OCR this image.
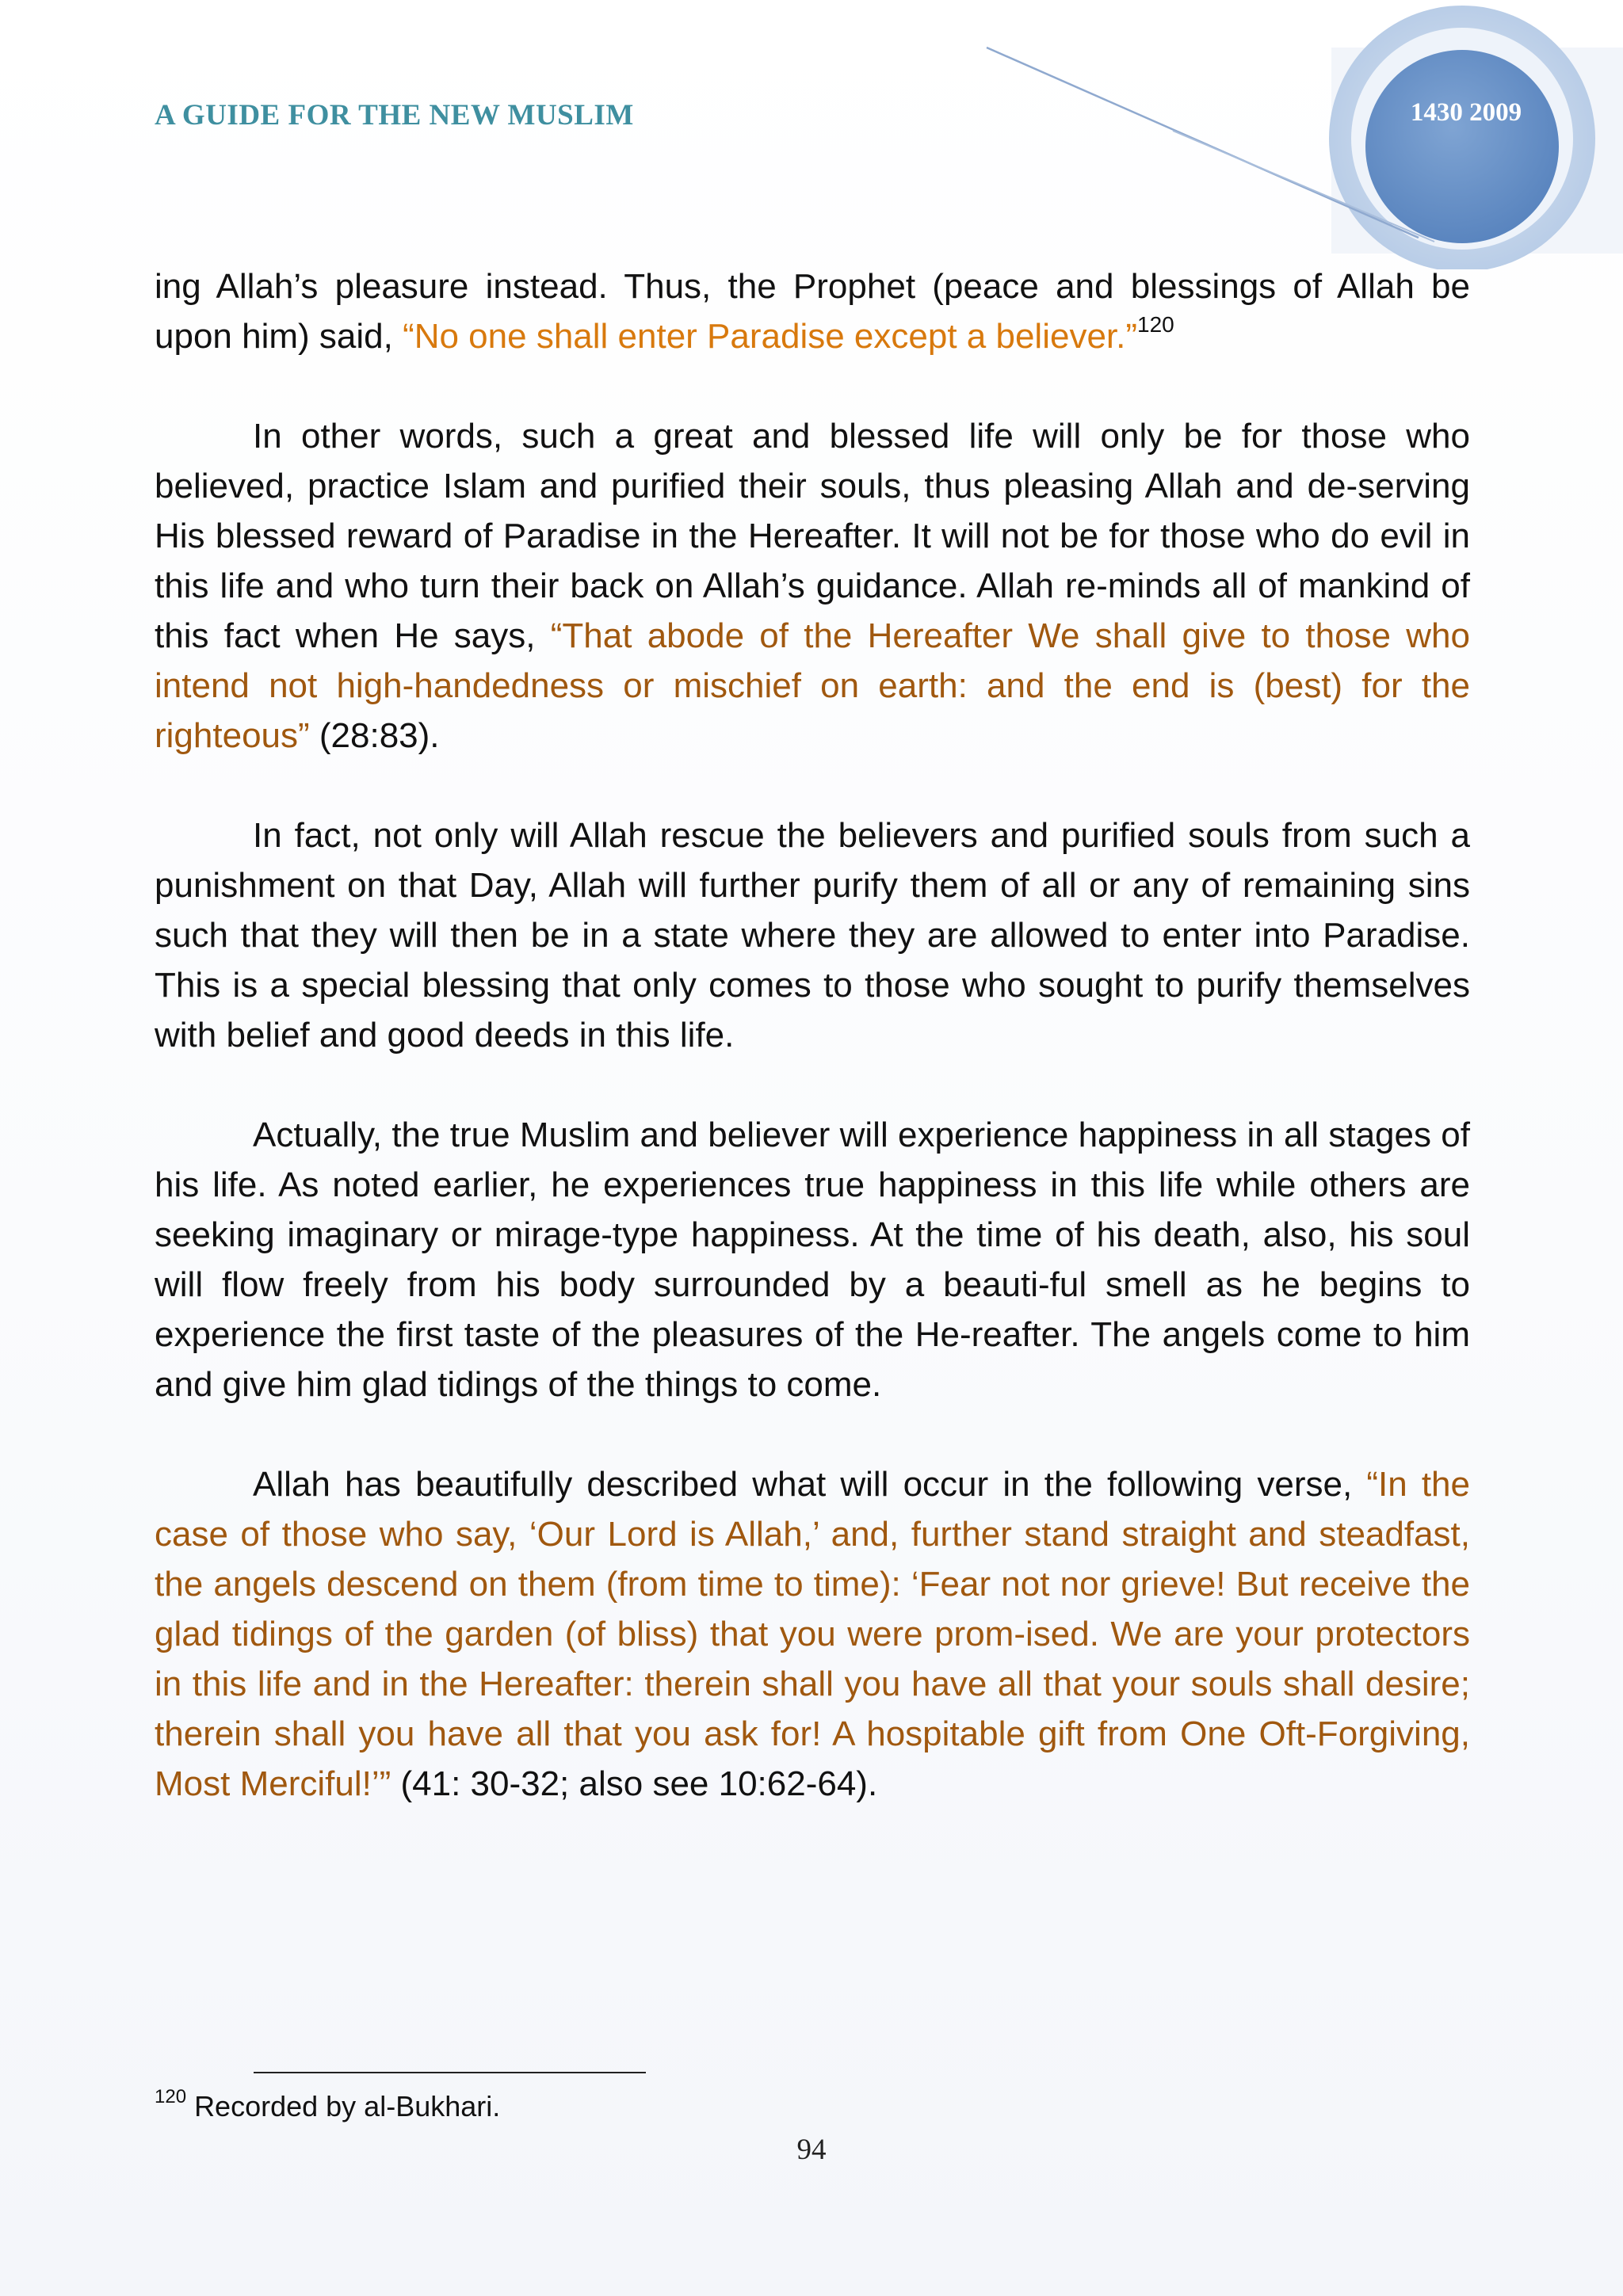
A GUIDE FOR THE NEW MUSLIM	1430 2009

ing Allah’s pleasure instead. Thus, the Prophet (peace and blessings of Allah be upon him) said, “No one shall enter Paradise except a believer.”$^{120}$

In other words, such a great and blessed life will only be for those who believed, practice Islam and purified their souls, thus pleasing Allah and de-serving His blessed reward of Paradise in the Hereafter. It will not be for those who do evil in this life and who turn their back on Allah’s guidance. Allah re-minds all of mankind of this fact when He says, “That abode of the Hereafter We shall give to those who intend not high-handedness or mischief on earth: and the end is (best) for the righteous” (28:83).

In fact, not only will Allah rescue the believers and purified souls from such a punishment on that Day, Allah will further purify them of all or any of remaining sins such that they will then be in a state where they are allowed to enter into Paradise. This is a special blessing that only comes to those who sought to purify themselves with belief and good deeds in this life.

Actually, the true Muslim and believer will experience happiness in all stages of his life. As noted earlier, he experiences true happiness in this life while others are seeking imaginary or mirage-type happiness. At the time of his death, also, his soul will flow freely from his body surrounded by a beauti-ful smell as he begins to experience the first taste of the pleasures of the He-reafter. The angels come to him and give him glad tidings of the things to come.

Allah has beautifully described what will occur in the following verse, “In the case of those who say, ‘Our Lord is Allah,’ and, further stand straight and steadfast, the angels descend on them (from time to time): ‘Fear not nor grieve! But receive the glad tidings of the garden (of bliss) that you were prom-ised. We are your protectors in this life and in the Hereafter: therein shall you have all that your souls shall desire; therein shall you have all that you ask for! A hospitable gift from One Oft-Forgiving, Most Merciful!’” (41: 30-32; also see 10:62-64).

$^{120}$ Recorded by al-Bukhari.
94
